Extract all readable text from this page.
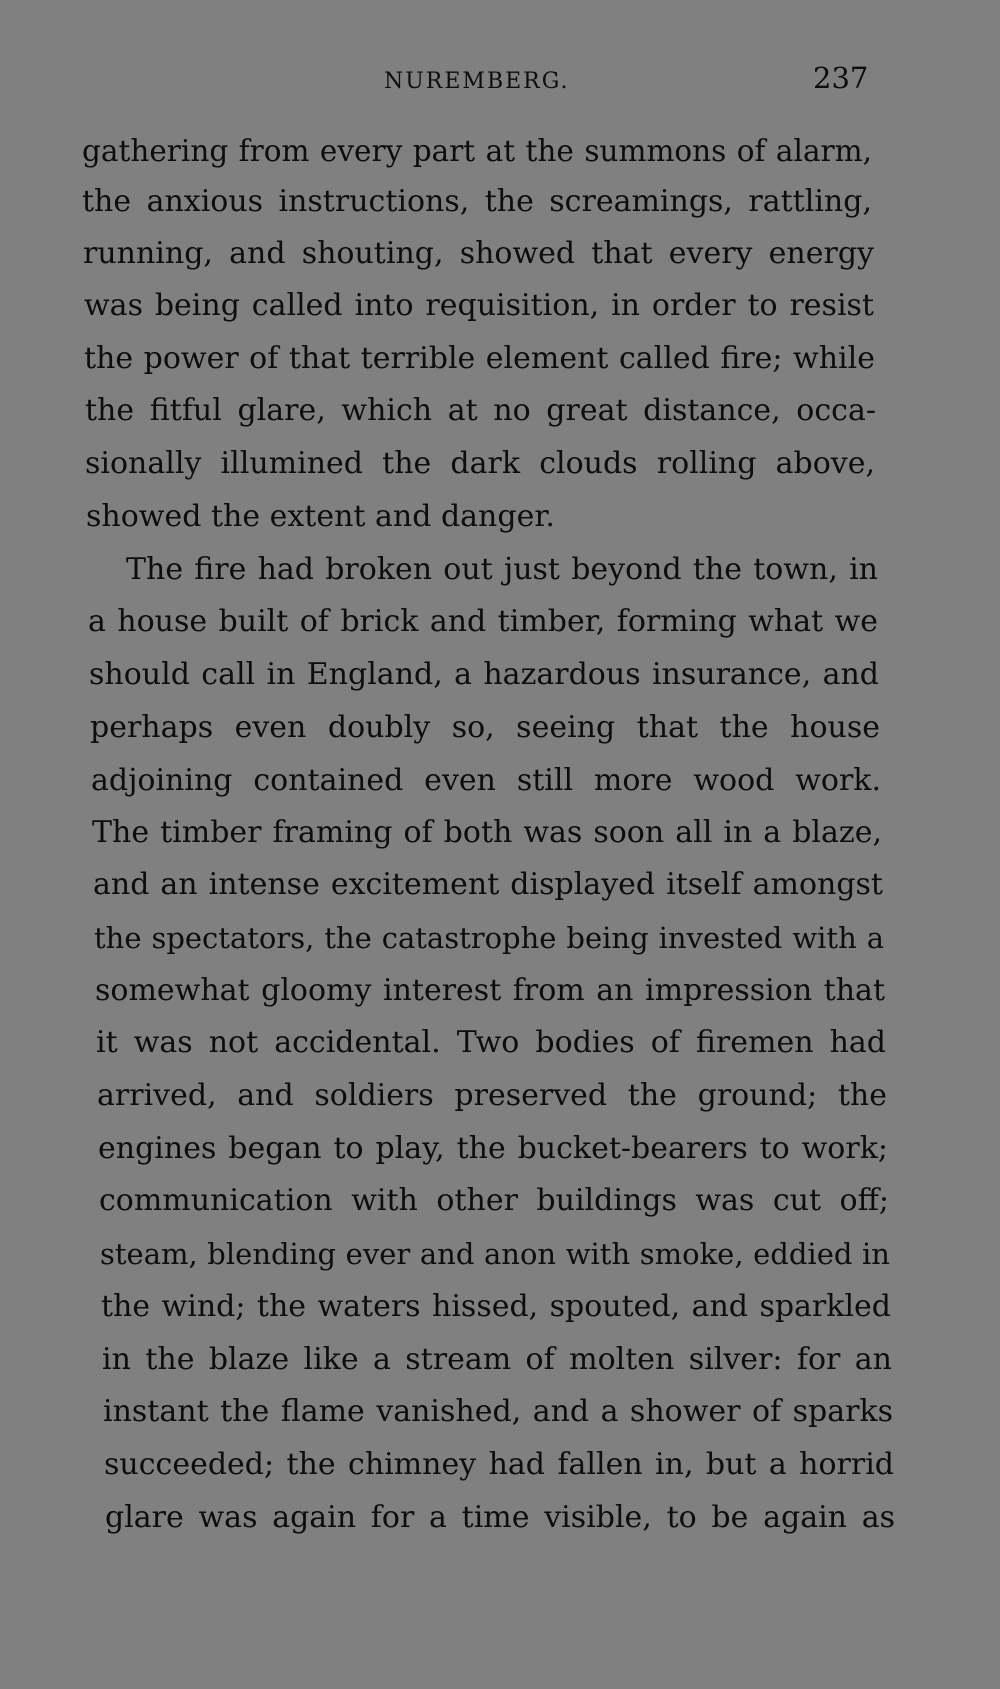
NUREMBERG.	237
gathering from every part at the summons of alarm,
the anxious instructions, the screamings, rattling,
running, and shouting, showed that every energy
was being called into requisition, in order to resist
the power of that terrible element called fire; while
the fitful glare, which at no great distance, occa-
sionally illumined the dark clouds rolling above,
showed the extent and danger.
The fire had broken out just beyond the town, in
a house built of brick and timber, forming what we
should call in England, a hazardous insurance, and
perhaps even doubly so, seeing that the house
adjoining contained even still more wood work.
The timber framing of both was soon all in a blaze,
and an intense excitement displayed itself amongst
the spectators, the catastrophe being invested with a
somewhat gloomy interest from an impression that
it was not accidental. Two bodies of firemen had
arrived, and soldiers preserved the ground; the
engines began to play, the bucket-bearers to work;
communication with other buildings was cut off;
steam, blending ever and anon with smoke, eddied in
the wind; the waters hissed, spouted, and sparkled
in the blaze like a stream of molten silver: for an
instant the flame vanished, and a shower of sparks
succeeded; the chimney had fallen in, but a horrid
glare was again for a time visible, to be again as
